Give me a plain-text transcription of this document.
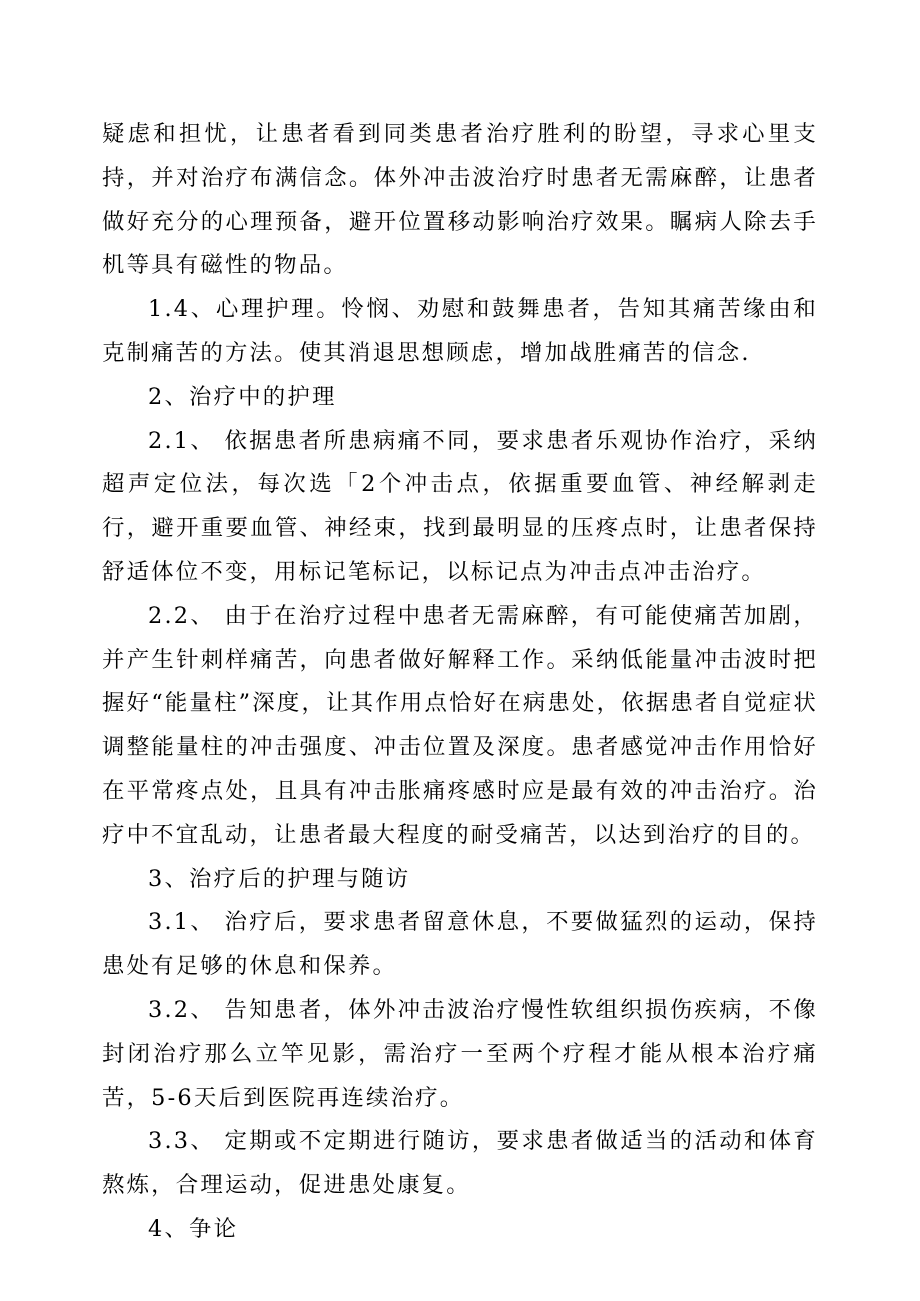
疑虑和担忧，让患者看到同类患者治疗胜利的盼望，寻求心里支持，并对治疗布满信念。体外冲击波治疗时患者无需麻醉，让患者做好充分的心理预备，避开位置移动影响治疗效果。瞩病人除去手机等具有磁性的物品。

1.4、心理护理。怜悯、劝慰和鼓舞患者，告知其痛苦缘由和克制痛苦的方法。使其消退思想顾虑，增加战胜痛苦的信念.

2、治疗中的护理

2.1、 依据患者所患病痛不同，要求患者乐观协作治疗，采纳超声定位法，每次选「2个冲击点，依据重要血管、神经解剥走行，避开重要血管、神经束，找到最明显的压疼点时，让患者保持舒适体位不变，用标记笔标记，以标记点为冲击点冲击治疗。

2.2、 由于在治疗过程中患者无需麻醉，有可能使痛苦加剧，并产生针刺样痛苦，向患者做好解释工作。采纳低能量冲击波时把握好“能量柱”深度，让其作用点恰好在病患处，依据患者自觉症状调整能量柱的冲击强度、冲击位置及深度。患者感觉冲击作用恰好在平常疼点处，且具有冲击胀痛疼感时应是最有效的冲击治疗。治疗中不宜乱动，让患者最大程度的耐受痛苦，以达到治疗的目的。

3、治疗后的护理与随访

3.1、 治疗后，要求患者留意休息，不要做猛烈的运动，保持患处有足够的休息和保养。

3.2、 告知患者，体外冲击波治疗慢性软组织损伤疾病，不像封闭治疗那么立竿见影，需治疗一至两个疗程才能从根本治疗痛苦，5-6天后到医院再连续治疗。

3.3、 定期或不定期进行随访，要求患者做适当的活动和体育熬炼，合理运动，促进患处康复。

4、争论
